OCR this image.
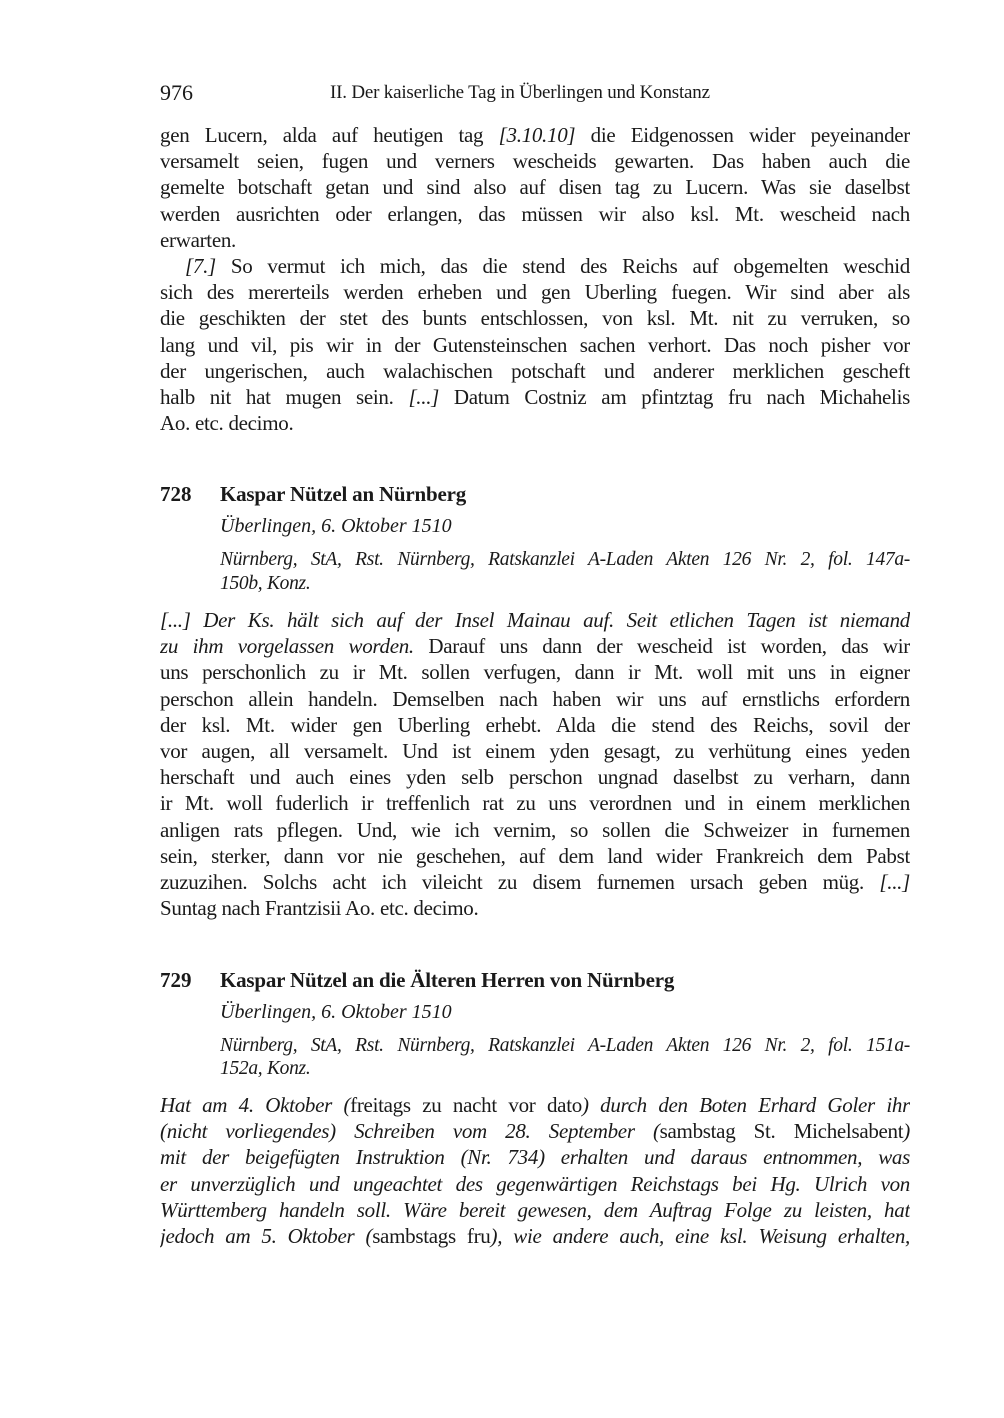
976	II. Der kaiserliche Tag in Überlingen und Konstanz
gen Lucern, alda auf heutigen tag [3.10.10] die Eidgenossen wider peyeinander
versamelt seien, fugen und verners wescheids gewarten. Das haben auch die
gemelte botschaft getan und sind also auf disen tag zu Lucern. Was sie daselbst
werden ausrichten oder erlangen, das müssen wir also ksl. Mt. wescheid nach
erwarten.
[7.] So vermut ich mich, das die stend des Reichs auf obgemelten weschid
sich des mererteils werden erheben und gen Uberling fuegen. Wir sind aber als
die geschikten der stet des bunts entschlossen, von ksl. Mt. nit zu verruken, so
lang und vil, pis wir in der Gutensteinschen sachen verhort. Das noch pisher vor
der ungerischen, auch walachischen potschaft und anderer merklichen gescheft
halb nit hat mugen sein. [...] Datum Costniz am pfintztag fru nach Michahelis
Ao. etc. decimo.
728 Kaspar Nützel an Nürnberg
Überlingen, 6. Oktober 1510
Nürnberg, StA, Rst. Nürnberg, Ratskanzlei A-Laden Akten 126 Nr. 2, fol. 147a-
150b, Konz.
[...] Der Ks. hält sich auf der Insel Mainau auf. Seit etlichen Tagen ist niemand
zu ihm vorgelassen worden. Darauf uns dann der wescheid ist worden, das wir
uns perschonlich zu ir Mt. sollen verfugen, dann ir Mt. woll mit uns in eigner
perschon allein handeln. Demselben nach haben wir uns auf ernstlichs erfordern
der ksl. Mt. wider gen Uberling erhebt. Alda die stend des Reichs, sovil der
vor augen, all versamelt. Und ist einem yden gesagt, zu verhütung eines yeden
herschaft und auch eines yden selb perschon ungnad daselbst zu verharn, dann
ir Mt. woll fuderlich ir treffenlich rat zu uns verordnen und in einem merklichen
anligen rats pflegen. Und, wie ich vernim, so sollen die Schweizer in furnemen
sein, sterker, dann vor nie geschehen, auf dem land wider Frankreich dem Pabst
zuzuzihen. Solchs acht ich vileicht zu disem furnemen ursach geben müg. [...]
Suntag nach Frantzisii Ao. etc. decimo.
729 Kaspar Nützel an die Älteren Herren von Nürnberg
Überlingen, 6. Oktober 1510
Nürnberg, StA, Rst. Nürnberg, Ratskanzlei A-Laden Akten 126 Nr. 2, fol. 151a-
152a, Konz.
Hat am 4. Oktober (freitags zu nacht vor dato) durch den Boten Erhard Goler ihr
(nicht vorliegendes) Schreiben vom 28. September (sambstag St. Michelsabent)
mit der beigefügten Instruktion (Nr. 734) erhalten und daraus entnommen, was
er unverzüglich und ungeachtet des gegenwärtigen Reichstags bei Hg. Ulrich von
Württemberg handeln soll. Wäre bereit gewesen, dem Auftrag Folge zu leisten, hat
jedoch am 5. Oktober (sambstags fru), wie andere auch, eine ksl. Weisung erhalten,
